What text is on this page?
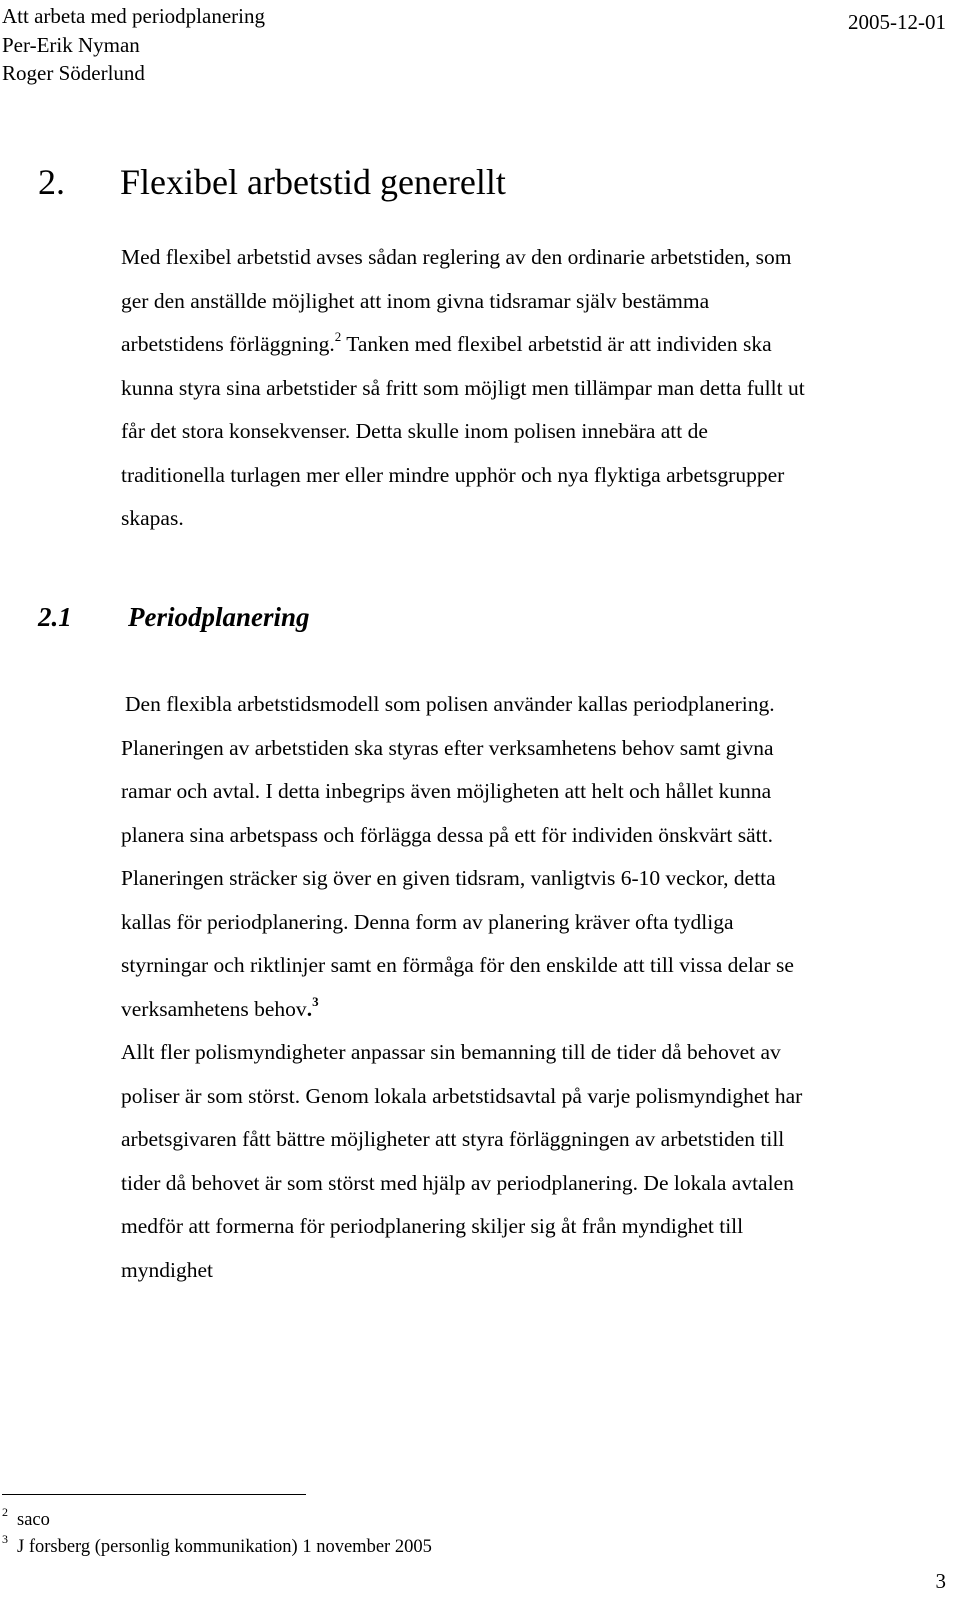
Att arbeta med periodplanering
Per-Erik Nyman
Roger Söderlund
2005-12-01
2. Flexibel arbetstid generellt
Med flexibel arbetstid avses sådan reglering av den ordinarie arbetstiden, som
ger den anställde möjlighet att inom givna tidsramar själv bestämma
arbetstidens förläggning.$^2$ Tanken med flexibel arbetstid är att individen ska
kunna styra sina arbetstider så fritt som möjligt men tillämpar man detta fullt ut
får det stora konsekvenser. Detta skulle inom polisen innebära att de
traditionella turlagen mer eller mindre upphör och nya flyktiga arbetsgrupper
skapas.
2.1 Periodplanering
Den flexibla arbetstidsmodell som polisen använder kallas periodplanering.
Planeringen av arbetstiden ska styras efter verksamhetens behov samt givna
ramar och avtal. I detta inbegrips även möjligheten att helt och hållet kunna
planera sina arbetspass och förlägga dessa på ett för individen önskvärt sätt.
Planeringen sträcker sig över en given tidsram, vanligtvis 6-10 veckor, detta
kallas för periodplanering. Denna form av planering kräver ofta tydliga
styrningar och riktlinjer samt en förmåga för den enskilde att till vissa delar se
verksamhetens behov.$^3$
Allt fler polismyndigheter anpassar sin bemanning till de tider då behovet av
poliser är som störst. Genom lokala arbetstidsavtal på varje polismyndighet har
arbetsgivaren fått bättre möjligheter att styra förläggningen av arbetstiden till
tider då behovet är som störst med hjälp av periodplanering. De lokala avtalen
medför att formerna för periodplanering skiljer sig åt från myndighet till
myndighet
$^2$ saco
$^3$ J forsberg (personlig kommunikation) 1 november 2005
3
